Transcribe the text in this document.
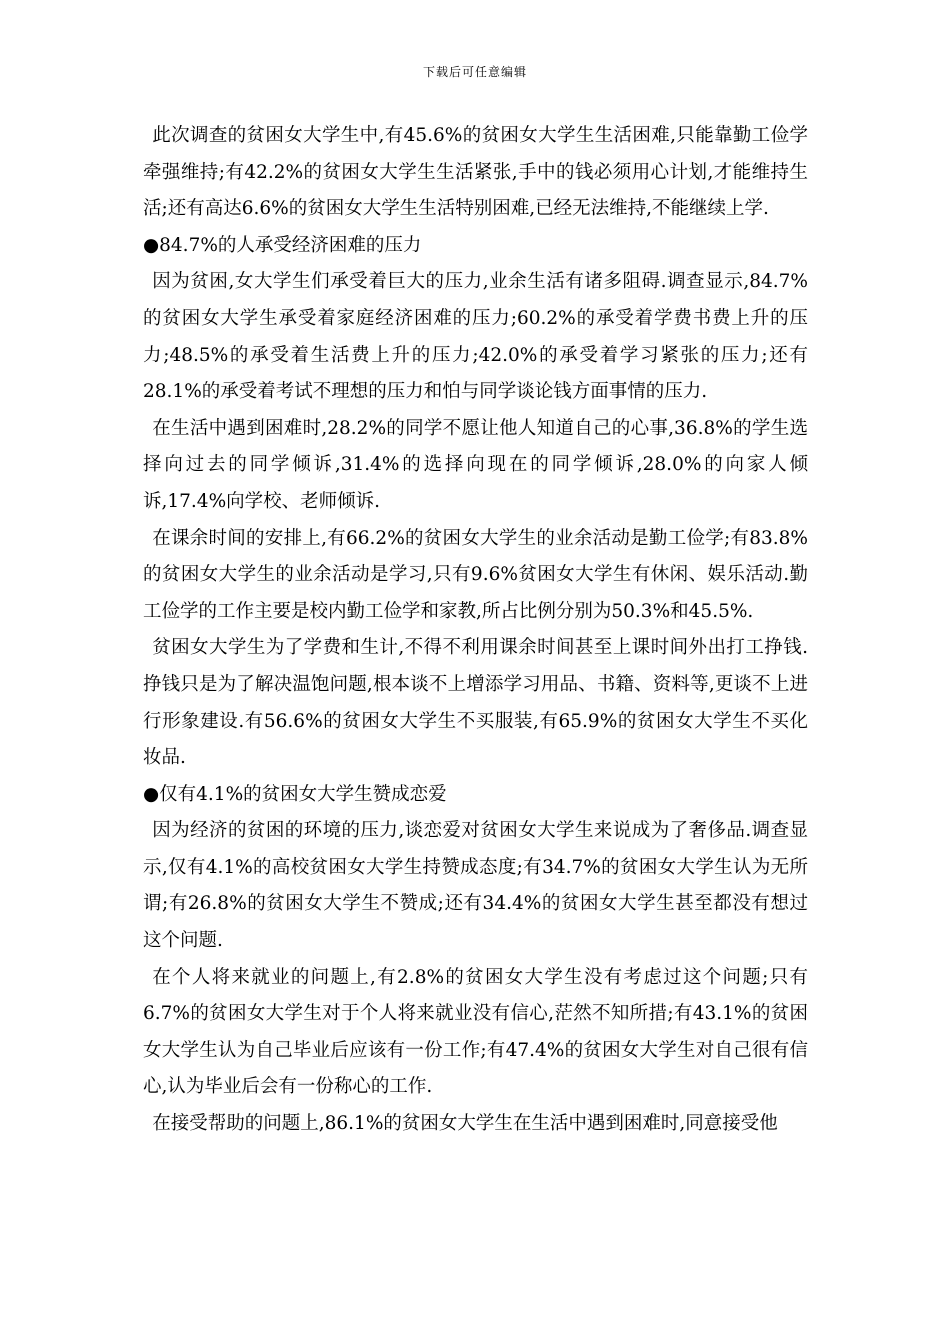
下载后可任意编辑

此次调查的贫困女大学生中,有45.6%的贫困女大学生生活困难,只能靠勤工俭学牵强维持;有42.2%的贫困女大学生生活紧张,手中的钱必须用心计划,才能维持生活;还有高达6.6%的贫困女大学生生活特别困难,已经无法维持,不能继续上学.

●84.7%的人承受经济困难的压力

因为贫困,女大学生们承受着巨大的压力,业余生活有诸多阻碍.调查显示,84.7%的贫困女大学生承受着家庭经济困难的压力;60.2%的承受着学费书费上升的压力;48.5%的承受着生活费上升的压力;42.0%的承受着学习紧张的压力;还有28.1%的承受着考试不理想的压力和怕与同学谈论钱方面事情的压力.

在生活中遇到困难时,28.2%的同学不愿让他人知道自己的心事,36.8%的学生选择向过去的同学倾诉,31.4%的选择向现在的同学倾诉,28.0%的向家人倾诉,17.4%向学校、老师倾诉.

在课余时间的安排上,有66.2%的贫困女大学生的业余活动是勤工俭学;有83.8%的贫困女大学生的业余活动是学习,只有9.6%贫困女大学生有休闲、娱乐活动.勤工俭学的工作主要是校内勤工俭学和家教,所占比例分别为50.3%和45.5%.

贫困女大学生为了学费和生计,不得不利用课余时间甚至上课时间外出打工挣钱.挣钱只是为了解决温饱问题,根本谈不上增添学习用品、书籍、资料等,更谈不上进行形象建设.有56.6%的贫困女大学生不买服装,有65.9%的贫困女大学生不买化妆品.

●仅有4.1%的贫困女大学生赞成恋爱

因为经济的贫困的环境的压力,谈恋爱对贫困女大学生来说成为了奢侈品.调查显示,仅有4.1%的高校贫困女大学生持赞成态度;有34.7%的贫困女大学生认为无所谓;有26.8%的贫困女大学生不赞成;还有34.4%的贫困女大学生甚至都没有想过这个问题.

在个人将来就业的问题上,有2.8%的贫困女大学生没有考虑过这个问题;只有6.7%的贫困女大学生对于个人将来就业没有信心,茫然不知所措;有43.1%的贫困女大学生认为自己毕业后应该有一份工作;有47.4%的贫困女大学生对自己很有信心,认为毕业后会有一份称心的工作.

在接受帮助的问题上,86.1%的贫困女大学生在生活中遇到困难时,同意接受他
